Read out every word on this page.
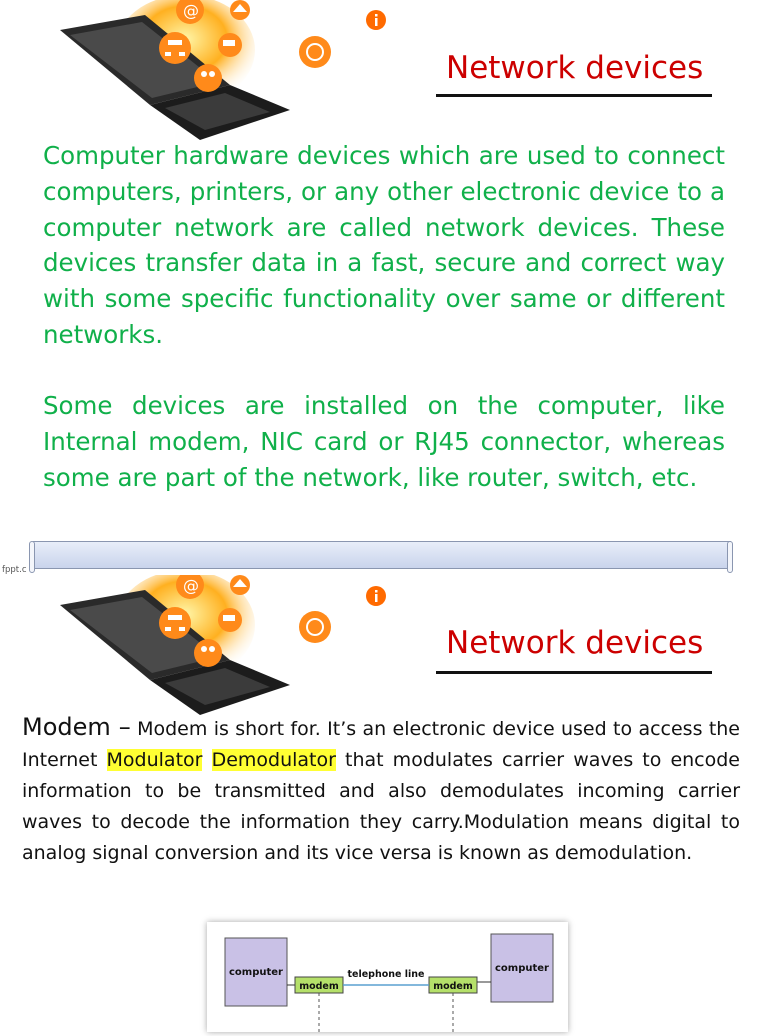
@
Network devices

Computer hardware devices which are used to connect computers, printers, or any other electronic device to a computer network are called network devices. These devices transfer data in a fast, secure and correct way with some specific functionality over same or different networks.

Some devices are installed on the computer, like Internal modem, NIC card or RJ45 connector, whereas some are part of the network, like router, switch, etc.

fppt.c
@
Network devices

Modem – Modem is short for. It’s an electronic device used to access the Internet Modulator Demodulator that modulates carrier waves to encode information to be transmitted and also demodulates incoming carrier waves to decode the information they carry.Modulation means digital to analog signal conversion and its vice versa is known as demodulation.

computer	computer
modem	modem
telephone line
